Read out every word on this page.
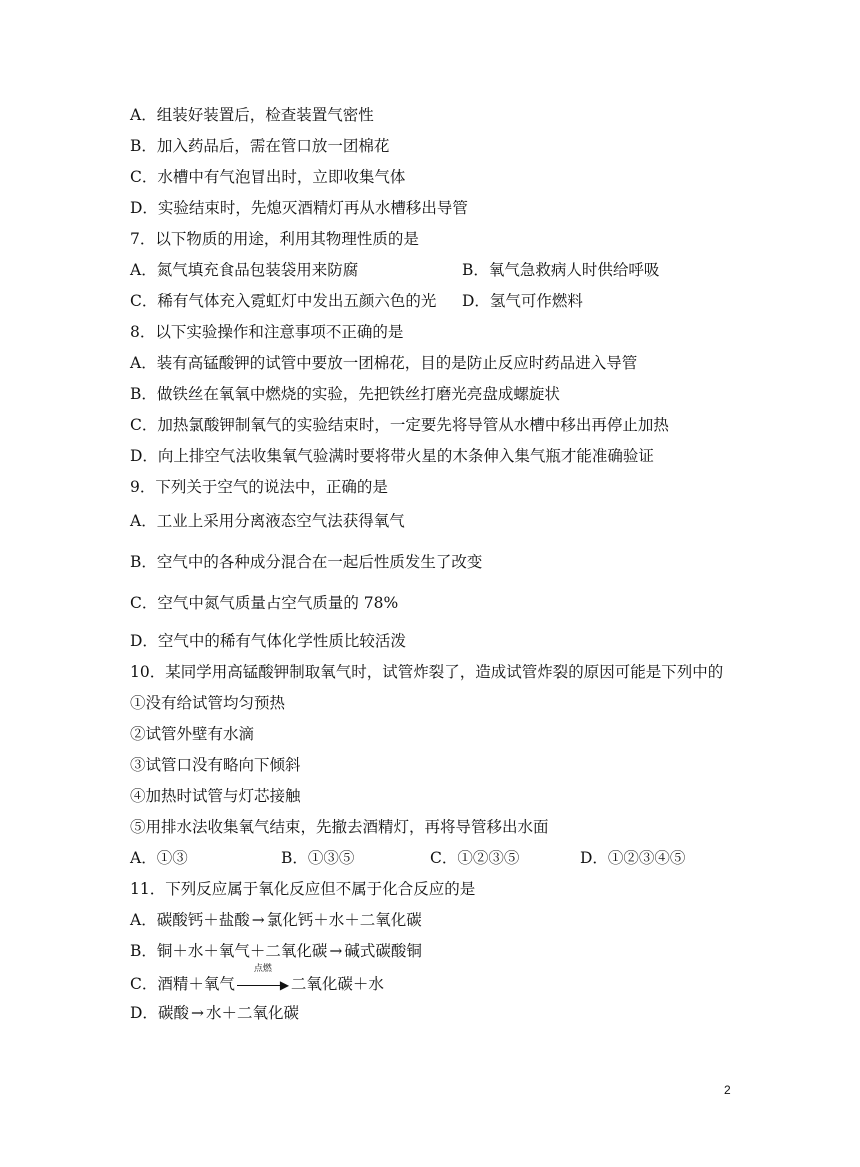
A．组装好装置后，检查装置气密性
B．加入药品后，需在管口放一团棉花
C．水槽中有气泡冒出时，立即收集气体
D．实验结束时，先熄灭酒精灯再从水槽移出导管
7．以下物质的用途，利用其物理性质的是
A．氮气填充食品包装袋用来防腐	B．氧气急救病人时供给呼吸
C．稀有气体充入霓虹灯中发出五颜六色的光 D．氢气可作燃料
8．以下实验操作和注意事项不正确的是
A．装有高锰酸钾的试管中要放一团棉花，目的是防止反应时药品进入导管
B．做铁丝在氧氧中燃烧的实验，先把铁丝打磨光亮盘成螺旋状
C．加热氯酸钾制氧气的实验结束时，一定要先将导管从水槽中移出再停止加热
D．向上排空气法收集氧气验满时要将带火星的木条伸入集气瓶才能准确验证
9．下列关于空气的说法中，正确的是
A．工业上采用分离液态空气法获得氧气
B．空气中的各种成分混合在一起后性质发生了改变
C．空气中氮气质量占空气质量的 78%
D．空气中的稀有气体化学性质比较活泼
10．某同学用高锰酸钾制取氧气时，试管炸裂了，造成试管炸裂的原因可能是下列中的
①没有给试管均匀预热
②试管外壁有水滴
③试管口没有略向下倾斜
④加热时试管与灯芯接触
⑤用排水法收集氧气结束，先撤去酒精灯，再将导管移出水面
A．①③	B．①③⑤	C．①②③⑤	D．①②③④⑤
11．下列反应属于氧化反应但不属于化合反应的是
A．碳酸钙＋盐酸 → 氯化钙＋水＋二氧化碳
B．铜＋水＋氧气＋二氧化碳 → 碱式碳酸铜
C．酒精＋氧气
点燃
▶ 二氧化碳＋水
D．碳酸 → 水＋二氧化碳
2
